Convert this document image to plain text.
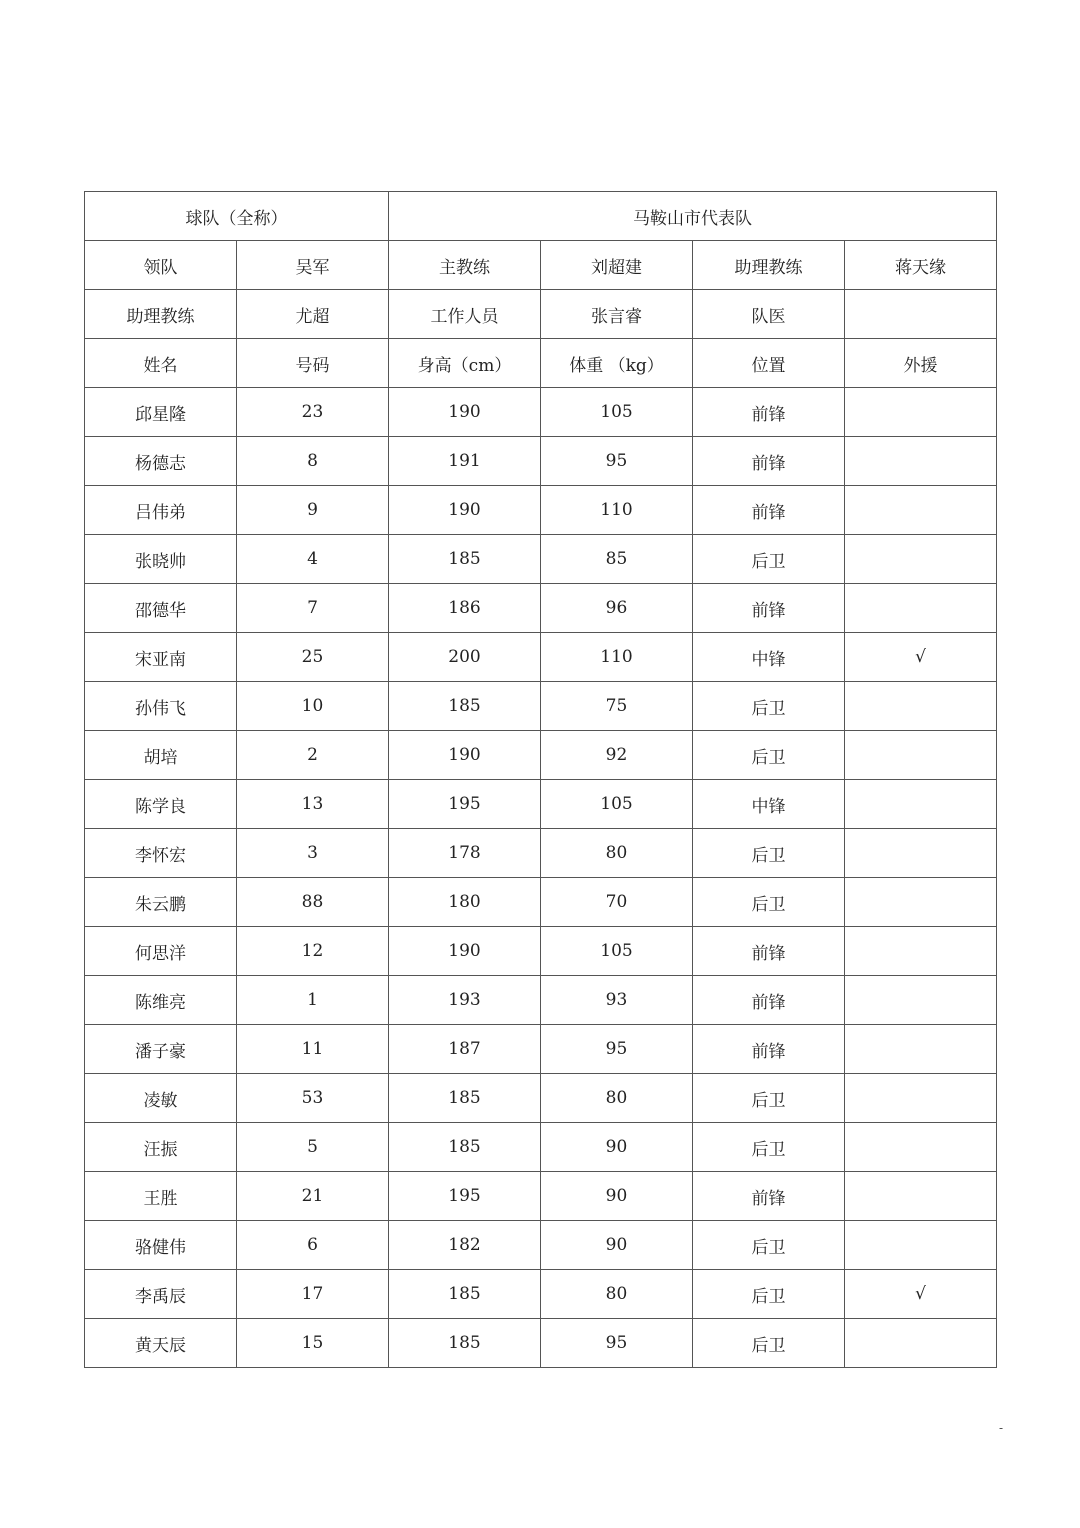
球队（全称）		马鞍山市代表队			
领队	吴军	主教练	刘超建	助理教练	蒋天缘
助理教练	尤超	工作人员	张言睿	队医	
姓名	号码	身高（cm）	体重 （kg）	位置	外援
邱星隆	23	190	105	前锋	
杨德志	8	191	95	前锋	
吕伟弟	9	190	110	前锋	
张晓帅	4	185	85	后卫	
邵德华	7	186	96	前锋	
宋亚南	25	200	110	中锋	√
孙伟飞	10	185	75	后卫	
胡培	2	190	92	后卫	
陈学良	13	195	105	中锋	
李怀宏	3	178	80	后卫	
朱云鹏	88	180	70	后卫	
何思洋	12	190	105	前锋	
陈维亮	1	193	93	前锋	
潘子豪	11	187	95	前锋	
凌敏	53	185	80	后卫	
汪振	5	185	90	后卫	
王胜	21	195	90	前锋	
骆健伟	6	182	90	后卫	
李禹辰	17	185	80	后卫	√
黄天辰	15	185	95	后卫	
-
